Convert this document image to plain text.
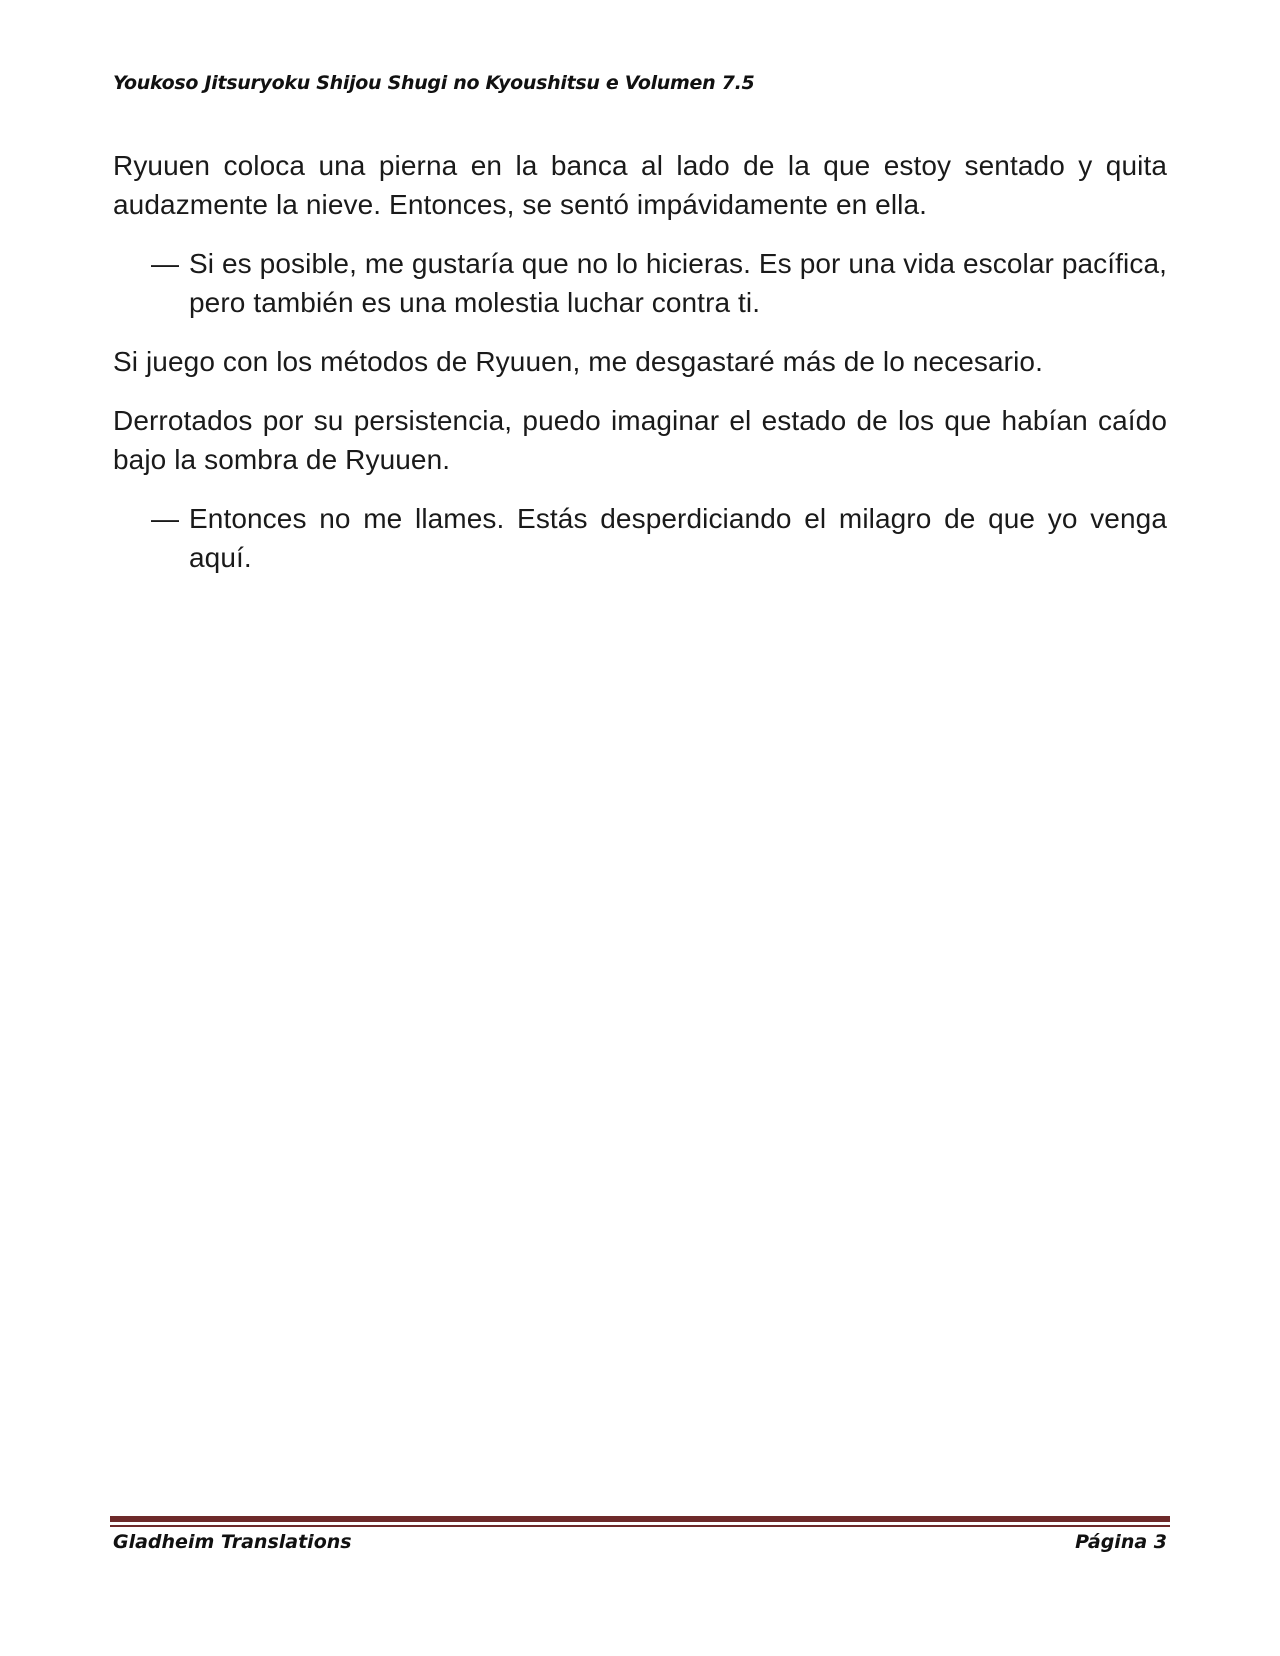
Youkoso Jitsuryoku Shijou Shugi no Kyoushitsu e Volumen 7.5

Ryuuen coloca una pierna en la banca al lado de la que estoy sentado y quita audazmente la nieve. Entonces, se sentó impávidamente en ella.

— Si es posible, me gustaría que no lo hicieras. Es por una vida escolar pacífica, pero también es una molestia luchar contra ti.

Si juego con los métodos de Ryuuen, me desgastaré más de lo necesario.

Derrotados por su persistencia, puedo imaginar el estado de los que habían caído bajo la sombra de Ryuuen.

— Entonces no me llames. Estás desperdiciando el milagro de que yo venga aquí.
Gladheim Translations	Página 3
